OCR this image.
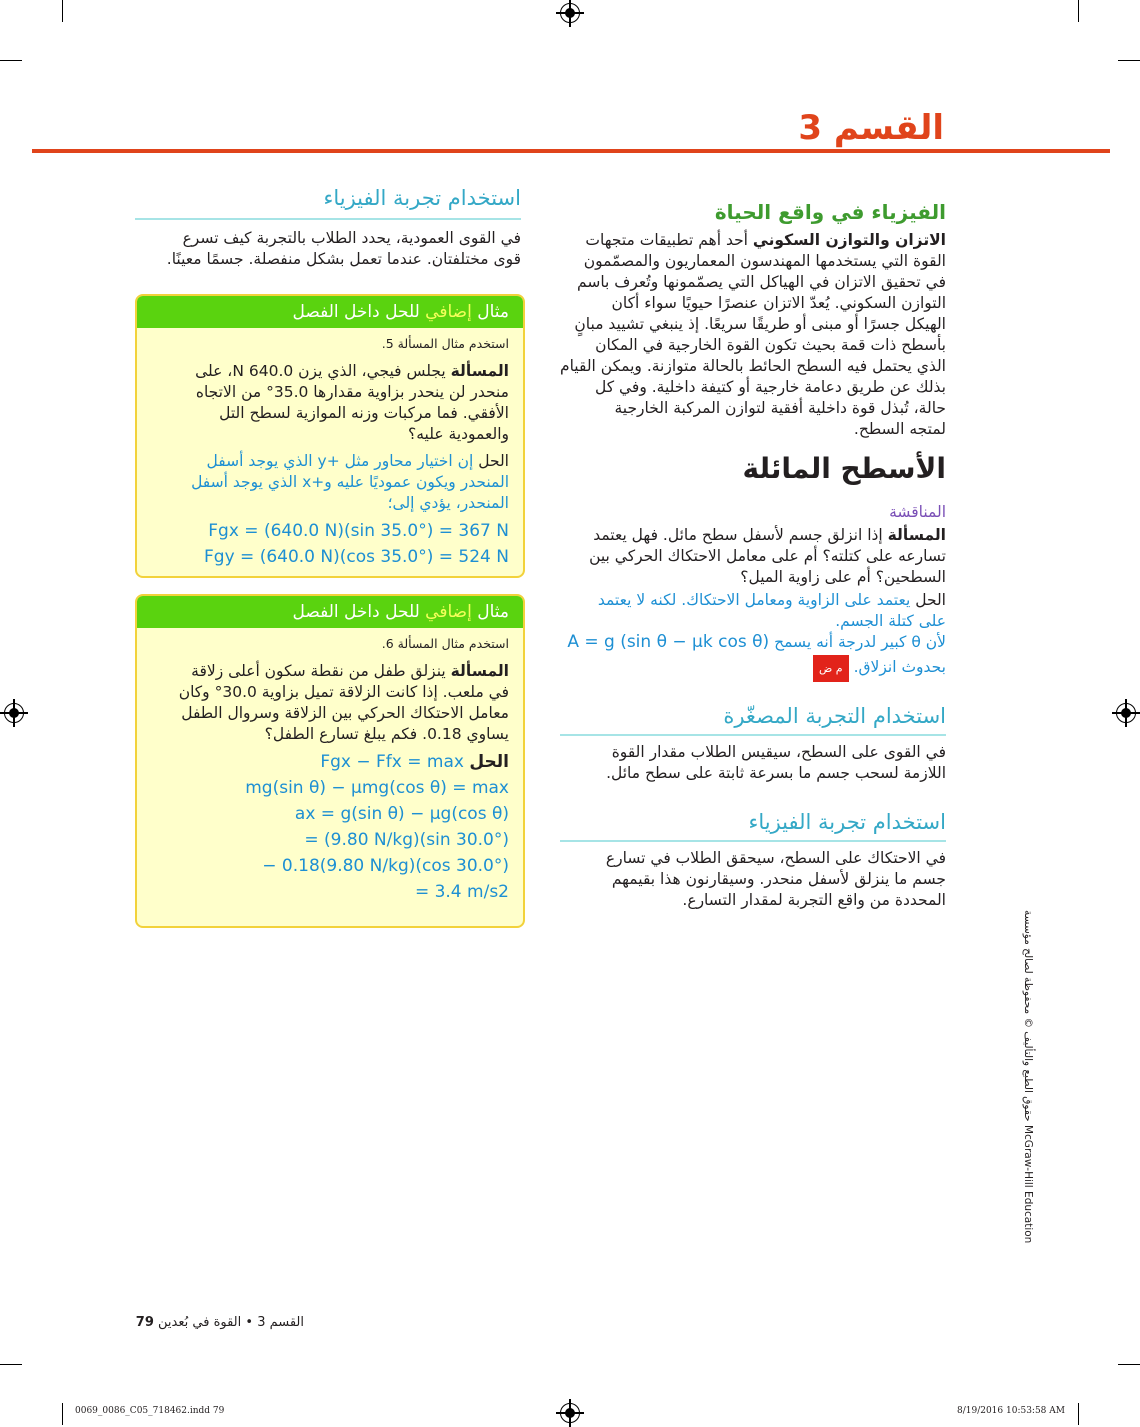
القسم 3
الفيزياء في واقع الحياة
الاتزان والتوازن السكوني أحد أهم تطبيقات متجهات
القوة التي يستخدمها المهندسون المعماريون والمصمّمون
في تحقيق الاتزان في الهياكل التي يصمّمونها وتُعرف باسم
التوازن السكوني. يُعدّ الاتزان عنصرًا حيويًا سواء أكان
الهيكل جسرًا أو مبنى أو طريقًا سريعًا. إذ ينبغي تشييد مبانٍ
بأسطح ذات قمة بحيث تكون القوة الخارجية في المكان
الذي يحتمل فيه السطح الحائط بالحالة متوازنة. ويمكن القيام
بذلك عن طريق دعامة خارجية أو كتيفة داخلية. وفي كل
حالة، تُبذل قوة داخلية أفقية لتوازن المركبة الخارجية
لمتجه السطح.
الأسطح المائلة
المناقشة
المسألة إذا انزلق جسم لأسفل سطح مائل. فهل يعتمد
تسارعه على كتلته؟ أم على معامل الاحتكاك الحركي بين
السطحين؟ أم على زاوية الميل؟
الحل يعتمد على الزاوية ومعامل الاحتكاك. لكنه لا يعتمد
على كتلة الجسم.
لأن θ كبير لدرجة أنه يسمح A = g (sin θ − μk cos θ)
بحدوث انزلاق. م ض
استخدام التجربة المصغّرة
في القوى على السطح، سيقيس الطلاب مقدار القوة
اللازمة لسحب جسم ما بسرعة ثابتة على سطح مائل.
استخدام تجربة الفيزياء
في الاحتكاك على السطح، سيحقق الطلاب في تسارع
جسم ما ينزلق لأسفل منحدر. وسيقارنون هذا بقيمهم
المحددة من واقع التجربة لمقدار التسارع.
استخدام تجربة الفيزياء
في القوى العمودية، يحدد الطلاب بالتجربة كيف تسرع
قوى مختلفتان. عندما تعمل بشكل منفصلة. جسمًا معينًا.
مثال إضافي للحل داخل الفصل
استخدم مثال المسألة 5.
المسألة يجلس فيجي، الذي يزن 640.0 N، على
منحدر لن ينحدر بزاوية مقدارها 35.0° من الاتجاه
الأفقي. فما مركبات وزنه الموازية لسطح التل
والعمودية عليه؟
الحل إن اختيار محاور مثل +y الذي يوجد أسفل
المنحدر ويكون عموديًا عليه و+x الذي يوجد أسفل
المنحدر، يؤدي إلى؛
Fgx = (640.0 N)(sin 35.0°) = 367 N
Fgy = (640.0 N)(cos 35.0°) = 524 N
مثال إضافي للحل داخل الفصل
استخدم مثال المسألة 6.
المسألة ينزلق طفل من نقطة سكون أعلى زلاقة
في ملعب. إذا كانت الزلاقة تميل بزاوية 30.0° وكان
معامل الاحتكاك الحركي بين الزلاقة وسروال الطفل
يساوي 0.18. فكم يبلغ تسارع الطفل؟
Fgx − Ffx = max الحل
mg(sin θ) − μmg(cos θ) = max
ax = g(sin θ) − μg(cos θ)
= (9.80 N/kg)(sin 30.0°)
− 0.18(9.80 N/kg)(cos 30.0°)
= 3.4 m/s2
القسم 3 • القوة في بُعدين 79
حقوق الطبع والتأليف © محفوظة لصالح مؤسسة McGraw-Hill Education
0069_0086_C05_718462.indd 79	8/19/2016 10:53:58 AM
